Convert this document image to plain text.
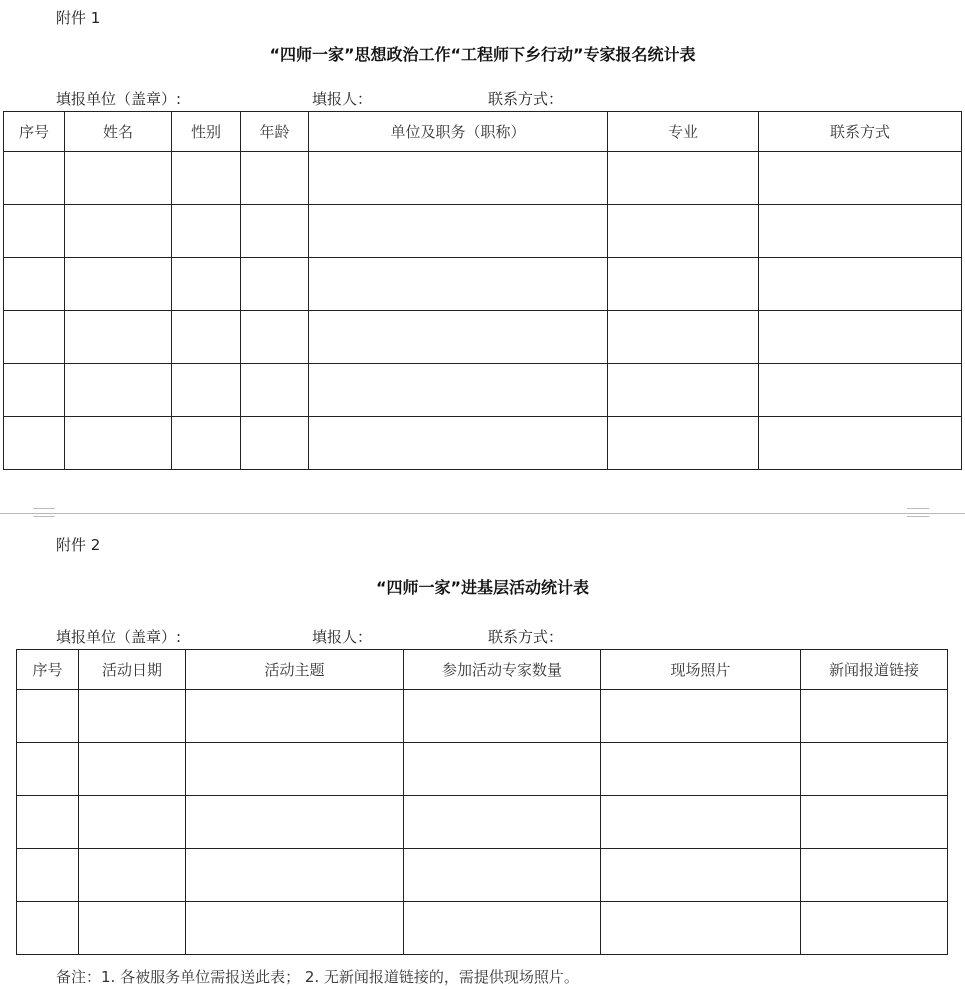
附件 1
“四师一家”思想政治工作“工程师下乡行动”专家报名统计表
填报单位（盖章）:	填报人：	联系方式：
序号	姓名	性别	年龄	单位及职务（职称）	专业	联系方式

附件 2
“四师一家”进基层活动统计表
填报单位（盖章）:	填报人：	联系方式：
序号	活动日期	活动主题	参加活动专家数量	现场照片	新闻报道链接

备注：1. 各被服务单位需报送此表； 2. 无新闻报道链接的，需提供现场照片。
